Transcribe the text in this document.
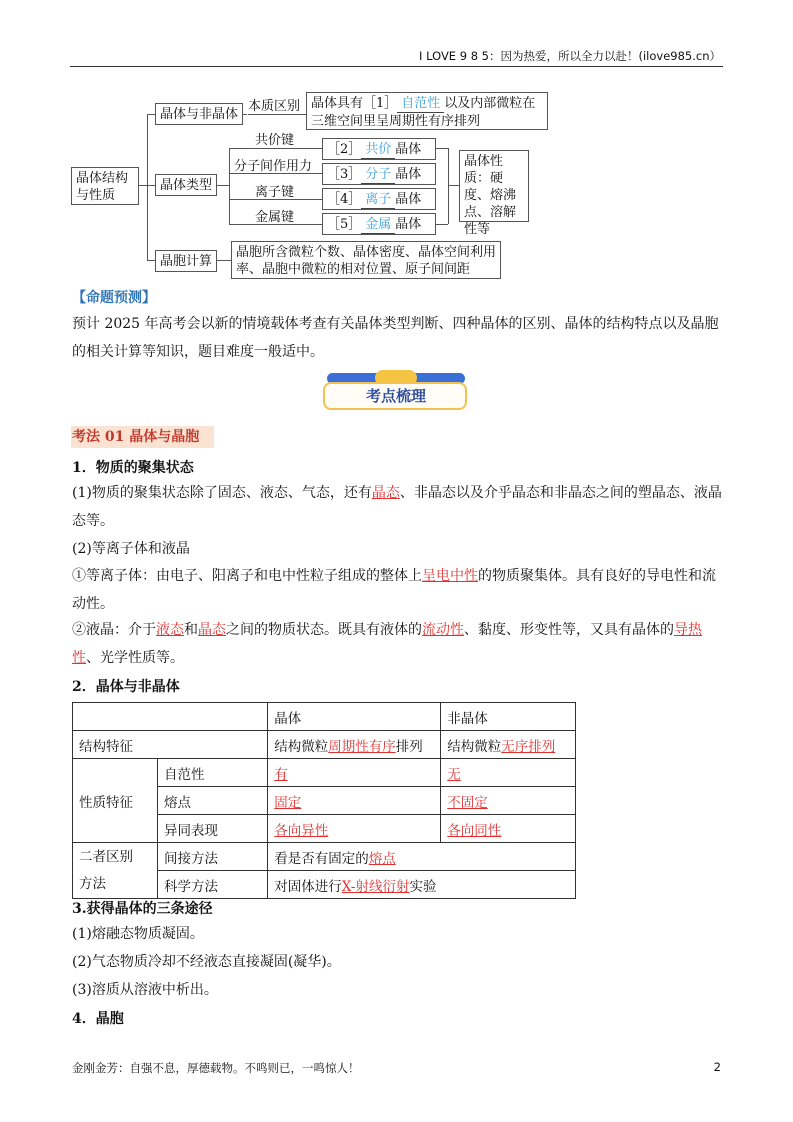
I LOVE 9 8 5：因为热爱，所以全力以赴！(ilove985.cn）
晶体结构与性质
晶体与非晶体
晶体类型
晶胞计算
本质区别 晶体具有［1］ 自范性 以及内部微粒在三维空间里呈周期性有序排列
共价键
分子间作用力
离子键
金属键
［2］ 共价 晶体
［3］ 分子 晶体
［4］ 离子 晶体
［5］ 金属 晶体
晶体性质：硬度、熔沸点、溶解性等
晶胞所含微粒个数、晶体密度、晶体空间利用率、晶胞中微粒的相对位置、原子间间距
【命题预测】
预计 2025 年高考会以新的情境载体考查有关晶体类型判断、四种晶体的区别、晶体的结构特点以及晶胞的相关计算等知识，题目难度一般适中。
考点梳理
考法 01 晶体与晶胞
1．物质的聚集状态
(1)物质的聚集状态除了固态、液态、气态，还有晶态、非晶态以及介乎晶态和非晶态之间的塑晶态、液晶态等。
(2)等离子体和液晶
①等离子体：由电子、阳离子和电中性粒子组成的整体上呈电中性的物质聚集体。具有良好的导电性和流动性。
②液晶：介于液态和晶态之间的物质状态。既具有液体的流动性、黏度、形变性等，又具有晶体的导热性、光学性质等。
2．晶体与非晶体
		晶体	非晶体
结构特征		结构微粒周期性有序排列	结构微粒无序排列
性质特征	自范性	有	无
	熔点	固定	不固定
	异同表现	各向异性	各向同性
二者区别
方法	间接方法	看是否有固定的熔点	
	科学方法	对固体进行X-射线衍射实验	
3.获得晶体的三条途径
(1)熔融态物质凝固。
(2)气态物质冷却不经液态直接凝固(凝华)。
(3)溶质从溶液中析出。
4．晶胞
金刚金芳：自强不息，厚德载物。不鸣则已，一鸣惊人！	2
